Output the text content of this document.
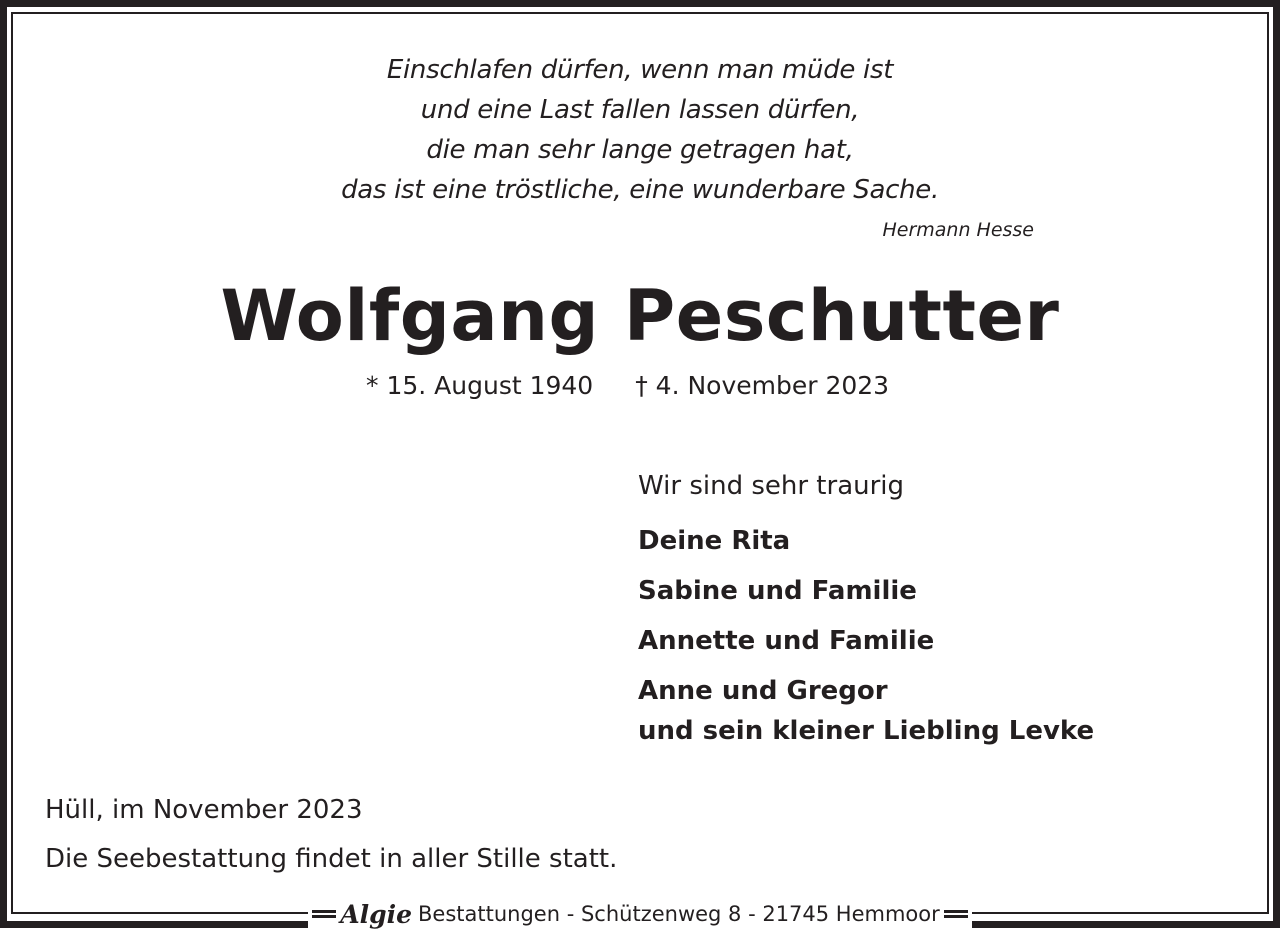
Einschlafen dürfen, wenn man müde ist
und eine Last fallen lassen dürfen,
die man sehr lange getragen hat,
das ist eine tröstliche, eine wunderbare Sache.
Hermann Hesse
Wolfgang Peschutter
* 15. August 1940 † 4. November 2023
Wir sind sehr traurig
Deine Rita
Sabine und Familie
Annette und Familie
Anne und Gregor
und sein kleiner Liebling Levke
Hüll, im November 2023
Die Seebestattung findet in aller Stille statt.
Algie Bestattungen - Schützenweg 8 - 21745 Hemmoor
